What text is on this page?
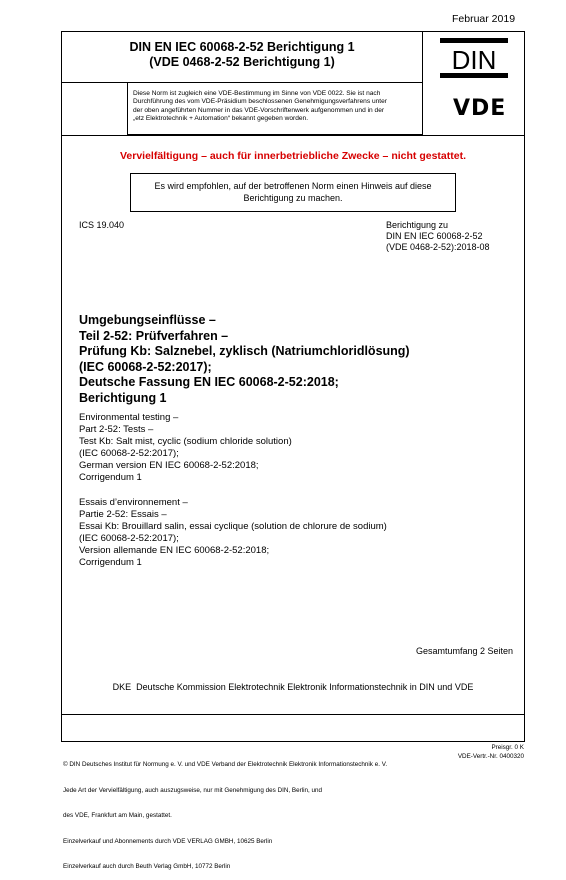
Februar 2019
DIN EN IEC 60068-2-52 Berichtigung 1
(VDE 0468-2-52 Berichtigung 1)	DIN
Diese Norm ist zugleich eine VDE-Bestimmung im Sinne von VDE 0022. Sie ist nach
Durchführung des vom VDE-Präsidium beschlossenen Genehmigungsverfahrens unter
der oben angeführten Nummer in das VDE-Vorschriftenwerk aufgenommen und in der
„etz Elektrotechnik + Automation“ bekannt gegeben worden.	VDE
Vervielfältigung – auch für innerbetriebliche Zwecke – nicht gestattet.
Es wird empfohlen, auf der betroffenen Norm einen Hinweis auf diese
Berichtigung zu machen.
ICS 19.040	Berichtigung zu
DIN EN IEC 60068-2-52
(VDE 0468-2-52):2018-08
Umgebungseinflüsse –
Teil 2-52: Prüfverfahren –
Prüfung Kb: Salznebel, zyklisch (Natriumchloridlösung)
(IEC 60068-2-52:2017);
Deutsche Fassung EN IEC 60068-2-52:2018;
Berichtigung 1
Environmental testing –
Part 2-52: Tests –
Test Kb: Salt mist, cyclic (sodium chloride solution)
(IEC 60068-2-52:2017);
German version EN IEC 60068-2-52:2018;
Corrigendum 1
Essais d’environnement –
Partie 2-52: Essais –
Essai Kb: Brouillard salin, essai cyclique (solution de chlorure de sodium)
(IEC 60068-2-52:2017);
Version allemande EN IEC 60068-2-52:2018;
Corrigendum 1
Gesamtumfang 2 Seiten
DKE  Deutsche Kommission Elektrotechnik Elektronik Informationstechnik in DIN und VDE

© DIN Deutsches Institut für Normung e. V. und VDE Verband der Elektrotechnik Elektronik Informationstechnik e. V.

Jede Art der Vervielfältigung, auch auszugsweise, nur mit Genehmigung des DIN, Berlin, und

des VDE, Frankfurt am Main, gestattet.

Einzelverkauf und Abonnements durch VDE VERLAG GMBH, 10625 Berlin

Einzelverkauf auch durch Beuth Verlag GmbH, 10772 Berlin

Preisgr. 0 K
VDE-Vertr.-Nr. 0400320
